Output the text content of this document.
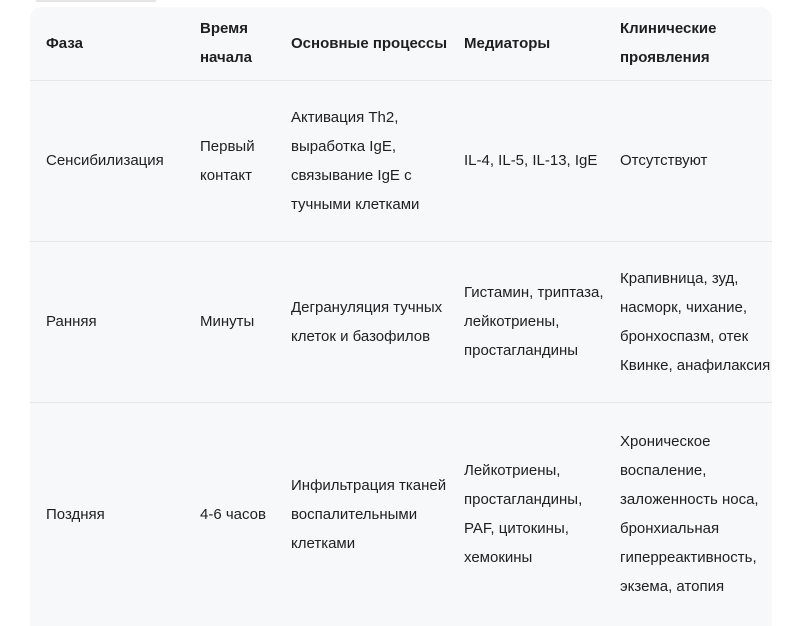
Фаза	Время начала	Основные процессы	Медиаторы	Клинические проявления
Сенсибилизация	Первый контакт	Активация Th2, выработка IgE, связывание IgE с тучными клетками	IL-4, IL-5, IL-13, IgE	Отсутствуют
Ранняя	Минуты	Дегрануляция тучных клеток и базофилов	Гистамин, триптаза, лейкотриены, простагландины	Крапивница, зуд, насморк, чихание, бронхоспазм, отек Квинке, анафилаксия
Поздняя	4-6 часов	Инфильтрация тканей воспалительными клетками	Лейкотриены, простагландины, PAF, цитокины, хемокины	Хроническое воспаление, заложенность носа, бронхиальная гиперреактивность, экзема, атопия
